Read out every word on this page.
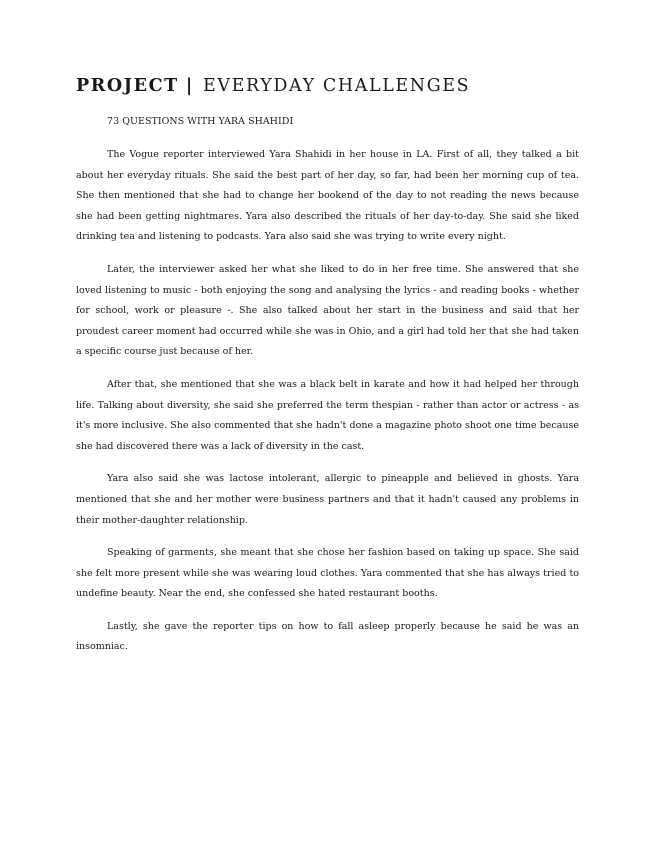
PROJECT | EVERYDAY CHALLENGES

73 QUESTIONS WITH YARA SHAHIDI

The Vogue reporter interviewed Yara Shahidi in her house in LA. First of all, they talked a bit about her everyday rituals. She said the best part of her day, so far, had been her morning cup of tea. She then mentioned that she had to change her bookend of the day to not reading the news because she had been getting nightmares. Yara also described the rituals of her day-to-day. She said she liked drinking tea and listening to podcasts. Yara also said she was trying to write every night.

Later, the interviewer asked her what she liked to do in her free time. She answered that she loved listening to music - both enjoying the song and analysing the lyrics - and reading books - whether for school, work or pleasure -. She also talked about her start in the business and said that her proudest career moment had occurred while she was in Ohio, and a girl had told her that she had taken a specific course just because of her.

After that, she mentioned that she was a black belt in karate and how it had helped her through life. Talking about diversity, she said she preferred the term thespian - rather than actor or actress - as it's more inclusive. She also commented that she hadn't done a magazine photo shoot one time because she had discovered there was a lack of diversity in the cast.

Yara also said she was lactose intolerant, allergic to pineapple and believed in ghosts. Yara mentioned that she and her mother were business partners and that it hadn't caused any problems in their mother-daughter relationship.

Speaking of garments, she meant that she chose her fashion based on taking up space. She said she felt more present while she was wearing loud clothes. Yara commented that she has always tried to undefine beauty. Near the end, she confessed she hated restaurant booths.

Lastly, she gave the reporter tips on how to fall asleep properly because he said he was an insomniac.
